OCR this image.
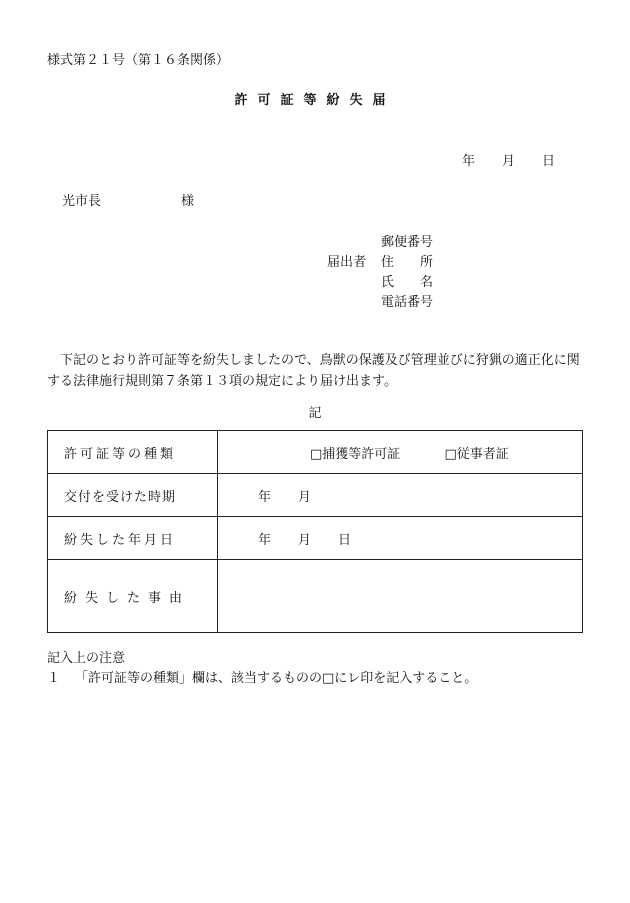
様式第２１号（第１６条関係）
許可証等紛失届
年 月 日
光市長	様
届出者
郵便番号
住　　所
氏　　名
電話番号
下記のとおり許可証等を紛失しましたので、鳥獣の保護及び管理並びに狩猟の適正化に関する法律施行規則第７条第１３項の規定により届け出ます。
記
許可証等の種類	□捕獲等許可証 □従事者証
交付を受けた時期	年 月
紛失した年月日	年 月 日
紛失した事由	
記入上の注意
１ 「許可証等の種類」欄は、該当するものの□にレ印を記入すること。
